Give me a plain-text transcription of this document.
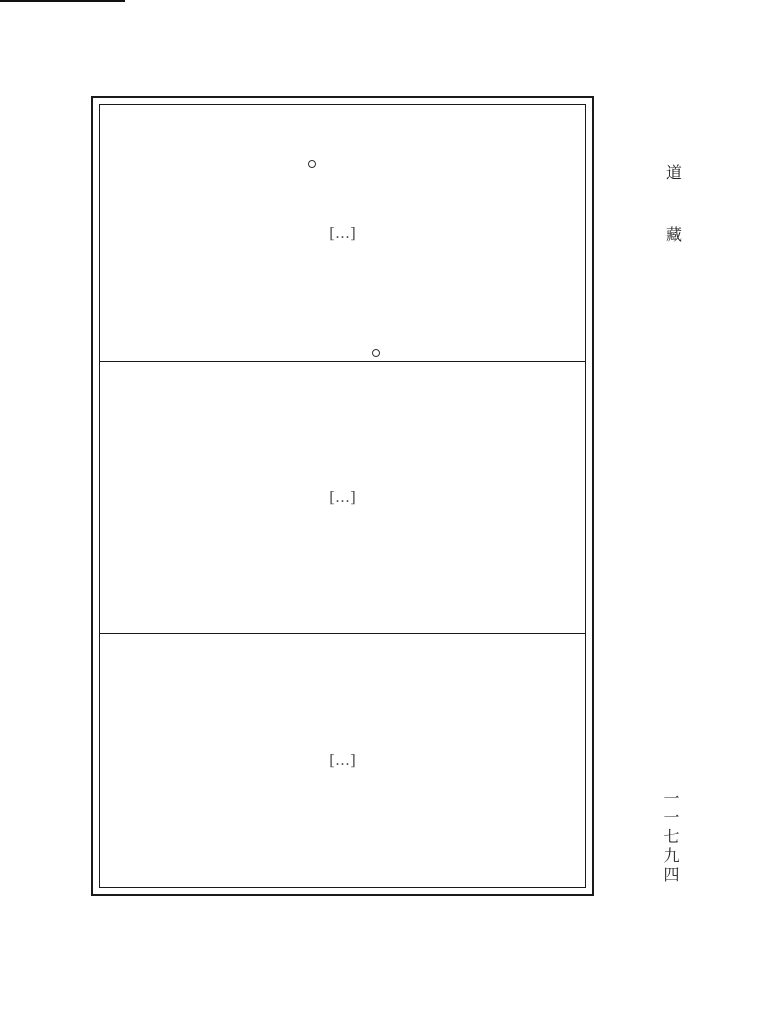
[…]
[…]
[…]
道
藏
一一七九四
